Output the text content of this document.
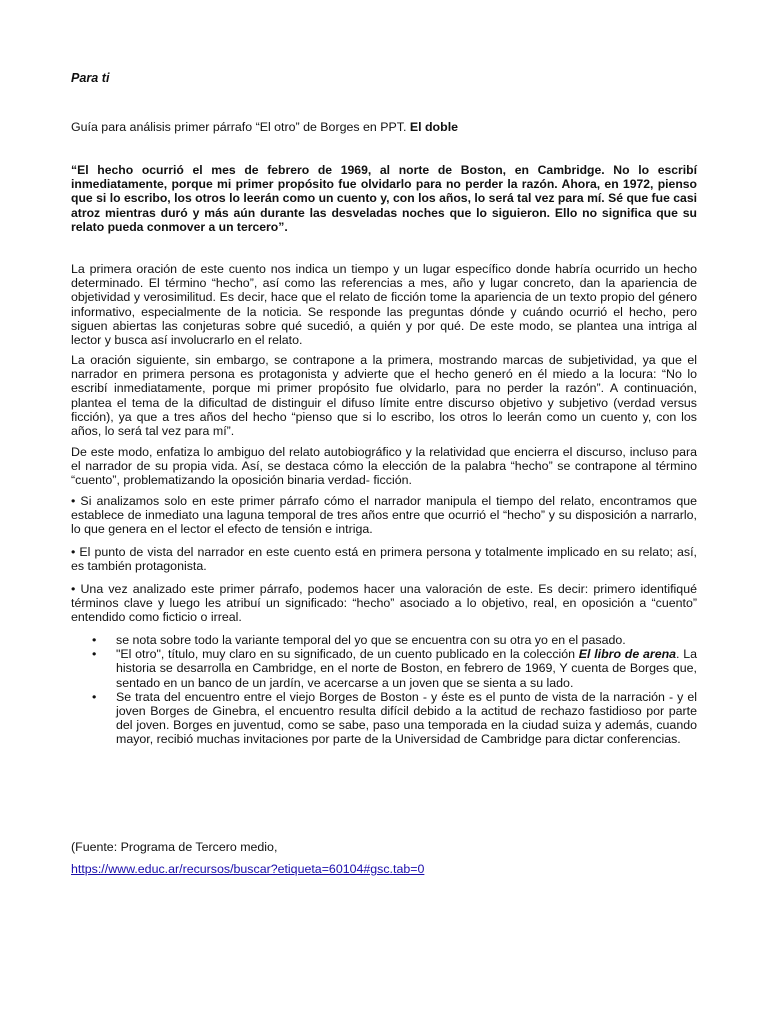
Para ti

Guía para análisis primer párrafo “El otro” de Borges en PPT. El doble

“El hecho ocurrió el mes de febrero de 1969, al norte de Boston, en Cambridge. No lo escribí inmediatamente, porque mi primer propósito fue olvidarlo para no perder la razón. Ahora, en 1972, pienso que si lo escribo, los otros lo leerán como un cuento y, con los años, lo será tal vez para mí. Sé que fue casi atroz mientras duró y más aún durante las desveladas noches que lo siguieron. Ello no significa que su relato pueda conmover a un tercero”.

La primera oración de este cuento nos indica un tiempo y un lugar específico donde habría ocurrido un hecho determinado. El término “hecho”, así como las referencias a mes, año y lugar concreto, dan la apariencia de objetividad y verosimilitud. Es decir, hace que el relato de ficción tome la apariencia de un texto propio del género informativo, especialmente de la noticia. Se responde las preguntas dónde y cuándo ocurrió el hecho, pero siguen abiertas las conjeturas sobre qué sucedió, a quién y por qué. De este modo, se plantea una intriga al lector y busca así involucrarlo en el relato.

La oración siguiente, sin embargo, se contrapone a la primera, mostrando marcas de subjetividad, ya que el narrador en primera persona es protagonista y advierte que el hecho generó en él miedo a la locura: “No lo escribí inmediatamente, porque mi primer propósito fue olvidarlo, para no perder la razón”. A continuación, plantea el tema de la dificultad de distinguir el difuso límite entre discurso objetivo y subjetivo (verdad versus ficción), ya que a tres años del hecho “pienso que si lo escribo, los otros lo leerán como un cuento y, con los años, lo será tal vez para mí”.

De este modo, enfatiza lo ambiguo del relato autobiográfico y la relatividad que encierra el discurso, incluso para el narrador de su propia vida. Así, se destaca cómo la elección de la palabra “hecho” se contrapone al término “cuento”, problematizando la oposición binaria verdad- ficción.

• Si analizamos solo en este primer párrafo cómo el narrador manipula el tiempo del relato, encontramos que establece de inmediato una laguna temporal de tres años entre que ocurrió el “hecho” y su disposición a narrarlo, lo que genera en el lector el efecto de tensión e intriga.

• El punto de vista del narrador en este cuento está en primera persona y totalmente implicado en su relato; así, es también protagonista.

• Una vez analizado este primer párrafo, podemos hacer una valoración de este. Es decir: primero identifiqué términos clave y luego les atribuí un significado: “hecho” asociado a lo objetivo, real, en oposición a “cuento” entendido como ficticio o irreal.

• se nota sobre todo la variante temporal del yo que se encuentra con su otra yo en el pasado.
• "El otro", título, muy claro en su significado, de un cuento publicado en la colección El libro de arena. La historia se desarrolla en Cambridge, en el norte de Boston, en febrero de 1969, Y cuenta de Borges que, sentado en un banco de un jardín, ve acercarse a un joven que se sienta a su lado.
• Se trata del encuentro entre el viejo Borges de Boston - y éste es el punto de vista de la narración - y el joven Borges de Ginebra, el encuentro resulta difícil debido a la actitud de rechazo fastidioso por parte del joven. Borges en juventud, como se sabe, paso una temporada en la ciudad suiza y además, cuando mayor, recibió muchas invitaciones por parte de la Universidad de Cambridge para dictar conferencias.

(Fuente: Programa de Tercero medio,

https://www.educ.ar/recursos/buscar?etiqueta=60104#gsc.tab=0
